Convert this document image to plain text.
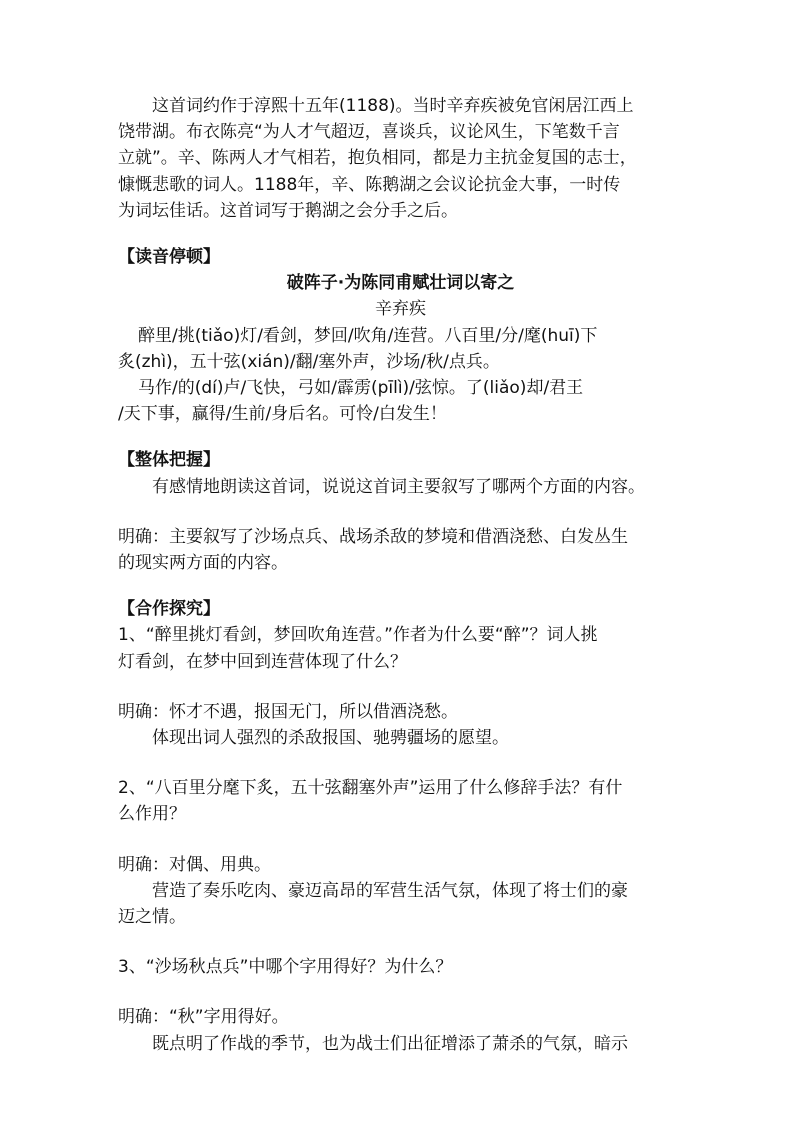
这首词约作于淳熙十五年(1188)。当时辛弃疾被免官闲居江西上

饶带湖。布衣陈亮“为人才气超迈，喜谈兵，议论风生，下笔数千言

立就”。辛、陈两人才气相若，抱负相同，都是力主抗金复国的志士，

慷慨悲歌的词人。1188年，辛、陈鹅湖之会议论抗金大事，一时传

为词坛佳话。这首词写于鹅湖之会分手之后。

【读音停顿】

破阵子·为陈同甫赋壮词以寄之

辛弃疾

醉里/挑(tiǎo)灯/看剑，梦回/吹角/连营。八百里/分/麾(huī)下

炙(zhì)，五十弦(xián)/翻/塞外声，沙场/秋/点兵。

马作/的(dí)卢/飞快，弓如/霹雳(pīlì)/弦惊。了(liǎo)却/君王

/天下事，赢得/生前/身后名。可怜/白发生！

【整体把握】

有感情地朗读这首词，说说这首词主要叙写了哪两个方面的内容。

明确：主要叙写了沙场点兵、战场杀敌的梦境和借酒浇愁、白发丛生

的现实两方面的内容。

【合作探究】

1、“醉里挑灯看剑，梦回吹角连营。”作者为什么要“醉”？词人挑

灯看剑，在梦中回到连营体现了什么？

明确：怀才不遇，报国无门，所以借酒浇愁。

体现出词人强烈的杀敌报国、驰骋疆场的愿望。

2、“八百里分麾下炙，五十弦翻塞外声”运用了什么修辞手法？有什

么作用？

明确：对偶、用典。

营造了奏乐吃肉、豪迈高昂的军营生活气氛，体现了将士们的豪

迈之情。

3、“沙场秋点兵”中哪个字用得好？为什么？

明确：“秋”字用得好。

既点明了作战的季节，也为战士们出征增添了萧杀的气氛，暗示
